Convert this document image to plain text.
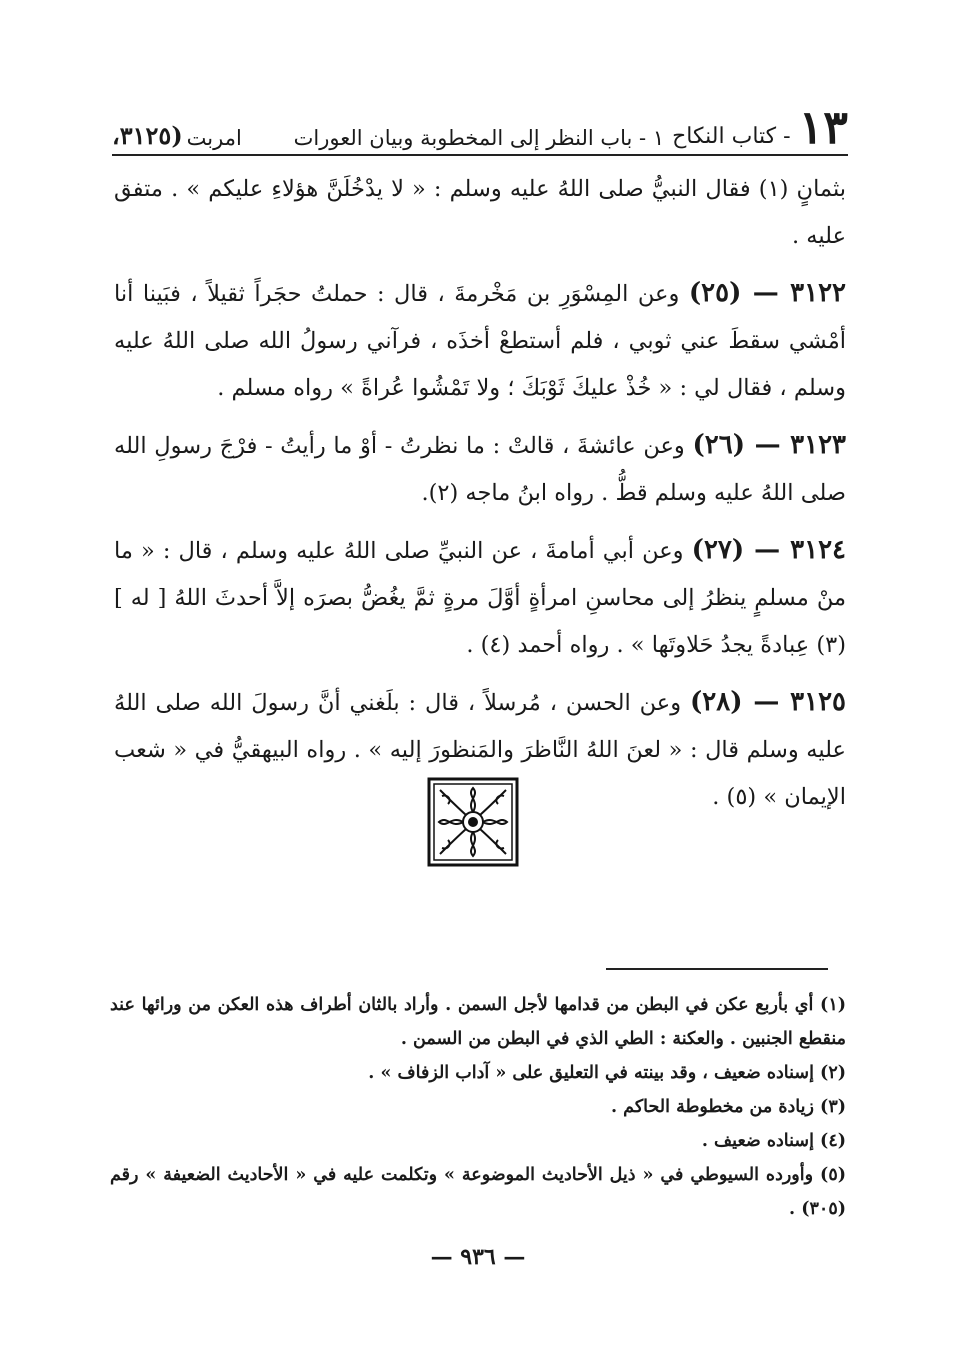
١٣
- كتاب النكاح
١ - باب النظر إلى المخطوبة وبيان العورات
امربت
(٣١٢٥،

بثمانٍ (١) فقال النبيُّ صلى اللهُ عليه وسلم : « لا يدْخُلَنَّ هؤلاءِ عليكم » . متفق عليه .

٣١٢٢ — (٢٥) وعن المِسْوَرِ بن مَخْرمةَ ، قال : حملتُ حجَراً ثقيلاً ، فبَينا أنا أمْشي سقطَ عني ثوبي ، فلم أستطعْ أخذَه ، فرآني رسولُ الله صلى اللهُ عليه وسلم ، فقال لي : « خُذْ عليكَ ثَوْبَكَ ؛ ولا تَمْشُوا عُراةً » رواه مسلم .

٣١٢٣ — (٢٦) وعن عائشةَ ، قالتْ : ما نظرتُ - أوْ ما رأيتُ - فرْجَ رسولِ الله صلى اللهُ عليه وسلم قطُّ . رواه ابنُ ماجه (٢).

٣١٢٤ — (٢٧) وعن أبي أمامةَ ، عن النبيِّ صلى اللهُ عليه وسلم ، قال : « ما منْ مسلمٍ ينظرُ إلى محاسنِ امرأةٍ أوَّلَ مرةٍ ثمَّ يغُضُّ بصرَه إلاَّ أحدثَ اللهُ [ له ] (٣) عِبادةً يجدُ حَلاوتَها » . رواه أحمد (٤) .

٣١٢٥ — (٢٨) وعن الحسن ، مُرسلاً ، قال : بلَغني أنَّ رسولَ الله صلى اللهُ عليه وسلم قال : « لعنَ اللهُ النَّاظرَ والمَنظورَ إليه » . رواه البيهقيُّ في « شعب الإيمان » (٥) .

(١) أي بأربع عكن في البطن من قدامها لأجل السمن . وأراد بالثان أطراف هذه العكن من ورائها عند منقطع الجنبين . والعكنة : الطي الذي في البطن من السمن .
(٢) إسناده ضعيف ، وقد بينته في التعليق على « آداب الزفاف » .
(٣) زيادة من مخطوطة الحاكم .
(٤) إسناده ضعيف .
(٥) وأورده السيوطي في « ذيل الأحاديث الموضوعة » وتكلمت عليه في « الأحاديث الضعيفة » رقم (٣٠٥) .
— ٩٣٦ —
